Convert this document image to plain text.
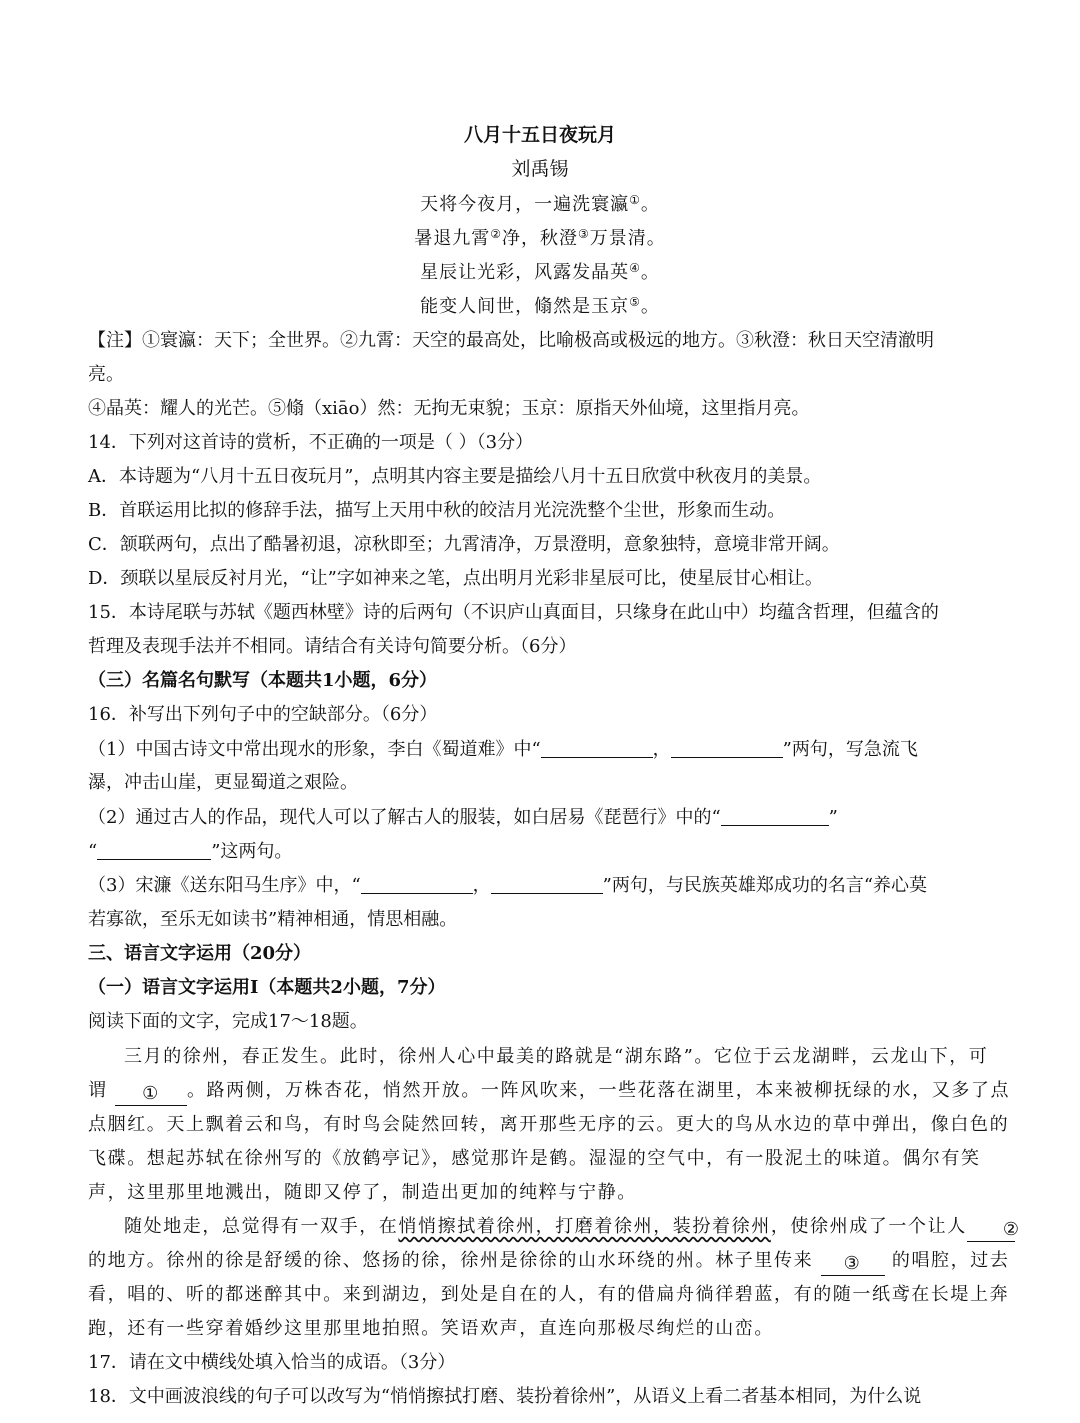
八月十五日夜玩月
刘禹锡
天将今夜月，一遍洗寰瀛①。
暑退九霄②净，秋澄③万景清。
星辰让光彩，风露发晶英④。
能变人间世，翛然是玉京⑤。
【注】①寰瀛：天下；全世界。②九霄：天空的最高处，比喻极高或极远的地方。③秋澄：秋日天空清澈明
亮。
④晶英：耀人的光芒。⑤翛（xiāo）然：无拘无束貌；玉京：原指天外仙境，这里指月亮。
14．下列对这首诗的赏析，不正确的一项是（ ）（3分）
A．本诗题为“八月十五日夜玩月”，点明其内容主要是描绘八月十五日欣赏中秋夜月的美景。
B．首联运用比拟的修辞手法，描写上天用中秋的皎洁月光浣洗整个尘世，形象而生动。
C．颔联两句，点出了酷暑初退，凉秋即至；九霄清净，万景澄明，意象独特，意境非常开阔。
D．颈联以星辰反衬月光，“让”字如神来之笔，点出明月光彩非星辰可比，使星辰甘心相让。
15．本诗尾联与苏轼《题西林壁》诗的后两句（不识庐山真面目，只缘身在此山中）均蕴含哲理，但蕴含的
哲理及表现手法并不相同。请结合有关诗句简要分析。（6分）
（三）名篇名句默写（本题共1小题，6分）
16．补写出下列句子中的空缺部分。（6分）
（1）中国古诗文中常出现水的形象，李白《蜀道难》中“	，	”两句，写急流飞
瀑，冲击山崖，更显蜀道之艰险。
（2）通过古人的作品，现代人可以了解古人的服装，如白居易《琵琶行》中的“	”
“	”这两句。
（3）宋濂《送东阳马生序》中，“	，	”两句，与民族英雄郑成功的名言“养心莫
若寡欲，至乐无如读书”精神相通，情思相融。
三、语言文字运用（20分）
（一）语言文字运用Ⅰ（本题共2小题，7分）
阅读下面的文字，完成17～18题。
三月的徐州，春正发生。此时，徐州人心中最美的路就是“湖东路”。它位于云龙湖畔，云龙山下，可
谓 ① 。路两侧，万株杏花，悄然开放。一阵风吹来，一些花落在湖里，本来被柳抚绿的水，又多了点
点胭红。天上飘着云和鸟，有时鸟会陡然回转，离开那些无序的云。更大的鸟从水边的草中弹出，像白色的
飞碟。想起苏轼在徐州写的《放鹤亭记》，感觉那许是鹤。湿湿的空气中，有一股泥土的味道。偶尔有笑
声，这里那里地溅出，随即又停了，制造出更加的纯粹与宁静。
随处地走，总觉得有一双手，在悄悄擦拭着徐州，打磨着徐州，装扮着徐州，使徐州成了一个让人 ②
的地方。徐州的徐是舒缓的徐、悠扬的徐，徐州是徐徐的山水环绕的州。林子里传来 ③ 的唱腔，过去
看，唱的、听的都迷醉其中。来到湖边，到处是自在的人，有的借扁舟徜徉碧蓝，有的随一纸鸢在长堤上奔
跑，还有一些穿着婚纱这里那里地拍照。笑语欢声，直连向那极尽绚烂的山峦。
17．请在文中横线处填入恰当的成语。（3分）
18．文中画波浪线的句子可以改写为“悄悄擦拭打磨、装扮着徐州”，从语义上看二者基本相同，为什么说
